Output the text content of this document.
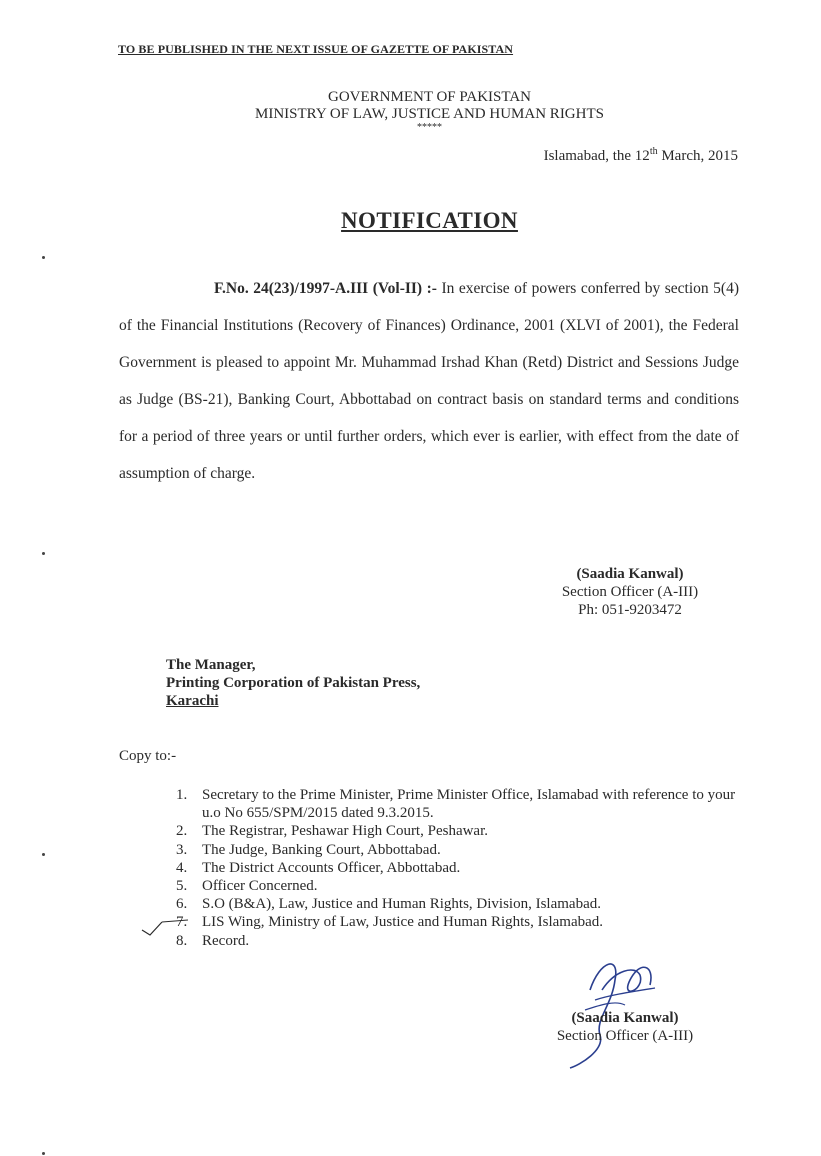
TO BE PUBLISHED IN THE NEXT ISSUE OF GAZETTE OF PAKISTAN
GOVERNMENT OF PAKISTAN
MINISTRY OF LAW, JUSTICE AND HUMAN RIGHTS
*****
Islamabad, the 12th March, 2015
NOTIFICATION
F.No. 24(23)/1997-A.III (Vol-II) :- In exercise of powers conferred by section 5(4) of the Financial Institutions (Recovery of Finances) Ordinance, 2001 (XLVI of 2001), the Federal Government is pleased to appoint Mr. Muhammad Irshad Khan (Retd) District and Sessions Judge as Judge (BS-21), Banking Court, Abbottabad on contract basis on standard terms and conditions for a period of three years or until further orders, which ever is earlier, with effect from the date of assumption of charge.
(Saadia Kanwal)
Section Officer (A-III)
Ph: 051-9203472
The Manager,
Printing Corporation of Pakistan Press,
Karachi
Copy to:-
1. Secretary to the Prime Minister, Prime Minister Office, Islamabad with reference to your u.o No 655/SPM/2015 dated 9.3.2015.
2. The Registrar, Peshawar High Court, Peshawar.
3. The Judge, Banking Court, Abbottabad.
4. The District Accounts Officer, Abbottabad.
5. Officer Concerned.
6. S.O (B&A), Law, Justice and Human Rights, Division, Islamabad.
7. LIS Wing, Ministry of Law, Justice and Human Rights, Islamabad.
8. Record.
(Saadia Kanwal)
Section Officer (A-III)
